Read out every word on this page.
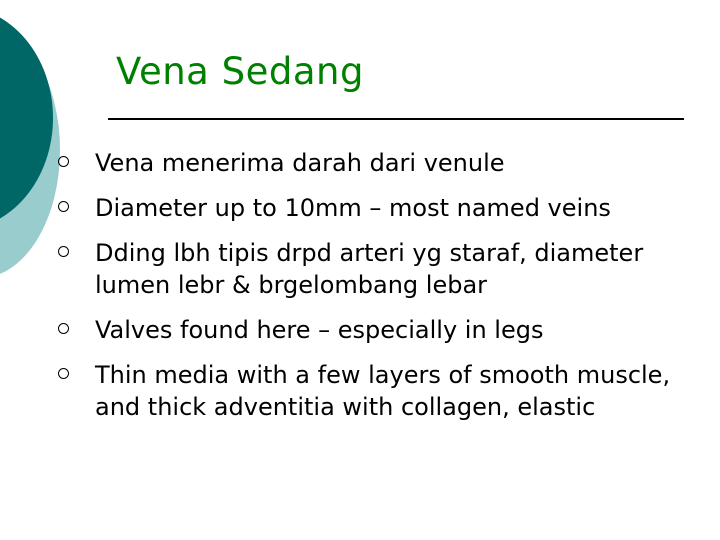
Vena Sedang
Vena menerima darah dari venule
Diameter up to 10mm – most named veins
Dding lbh tipis drpd arteri yg staraf, diameter lumen lebr & brgelombang lebar
Valves found here – especially in legs
Thin media with a few layers of smooth muscle, and thick adventitia with collagen, elastic
